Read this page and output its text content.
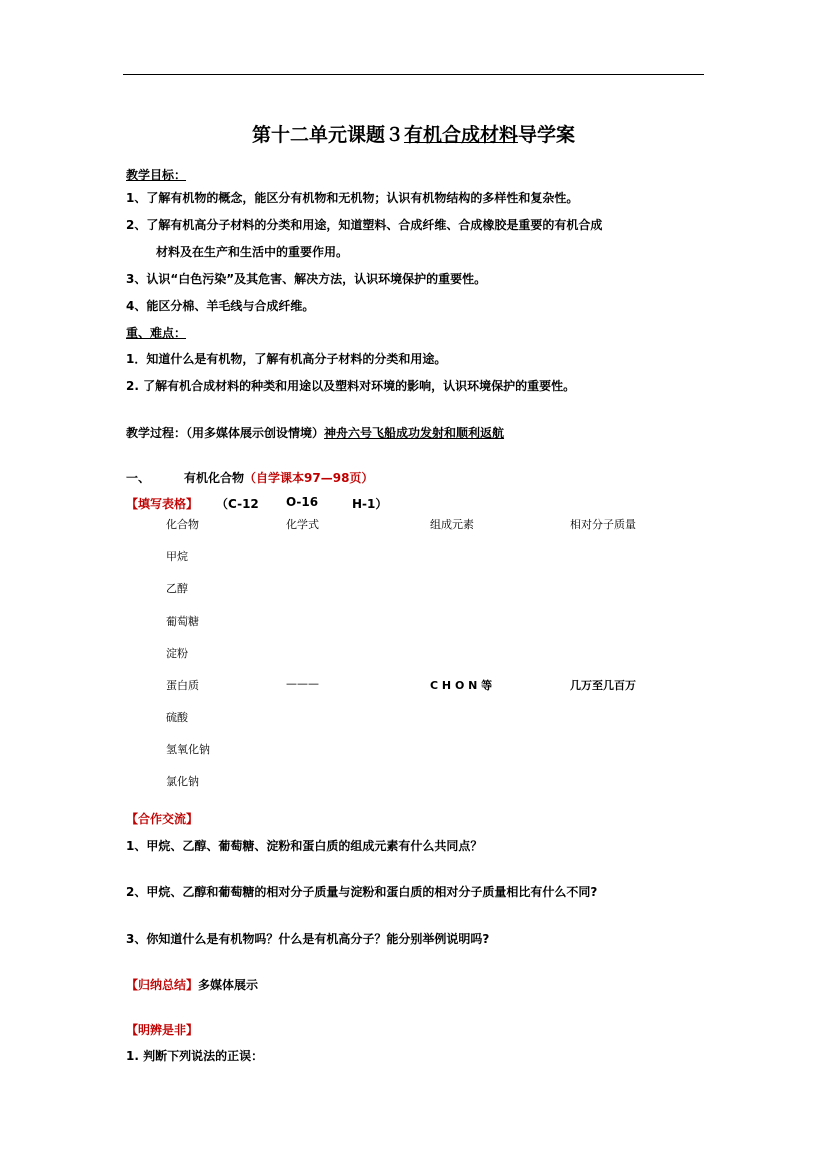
第十二单元课题３有机合成材料导学案
教学目标：
1、了解有机物的概念，能区分有机物和无机物；认识有机物结构的多样性和复杂性。
2、了解有机高分子材料的分类和用途，知道塑料、合成纤维、合成橡胶是重要的有机合成
材料及在生产和生活中的重要作用。
3、认识“白色污染”及其危害、解决方法，认识环境保护的重要性。
4、能区分棉、羊毛线与合成纤维。
重、难点：
1．知道什么是有机物，了解有机高分子材料的分类和用途。
2. 了解有机合成材料的种类和用途以及塑料对环境的影响，认识环境保护的重要性。
教学过程：（用多媒体展示创设情境）神舟六号飞船成功发射和顺利返航
一、	有机化合物（自学课本97—98页）
【填写表格】 （C-12 O-16	H-1）
化合物	化学式	组成元素	相对分子质量
甲烷
乙醇
葡萄糖
淀粉
蛋白质	———	C H O N 等	几万至几百万
硫酸
氢氧化钠
氯化钠
【合作交流】
1、甲烷、乙醇、葡萄糖、淀粉和蛋白质的组成元素有什么共同点？
2、甲烷、乙醇和葡萄糖的相对分子质量与淀粉和蛋白质的相对分子质量相比有什么不同?
3、你知道什么是有机物吗？什么是有机高分子？能分别举例说明吗?
【归纳总结】多媒体展示
【明辨是非】
1. 判断下列说法的正误：
